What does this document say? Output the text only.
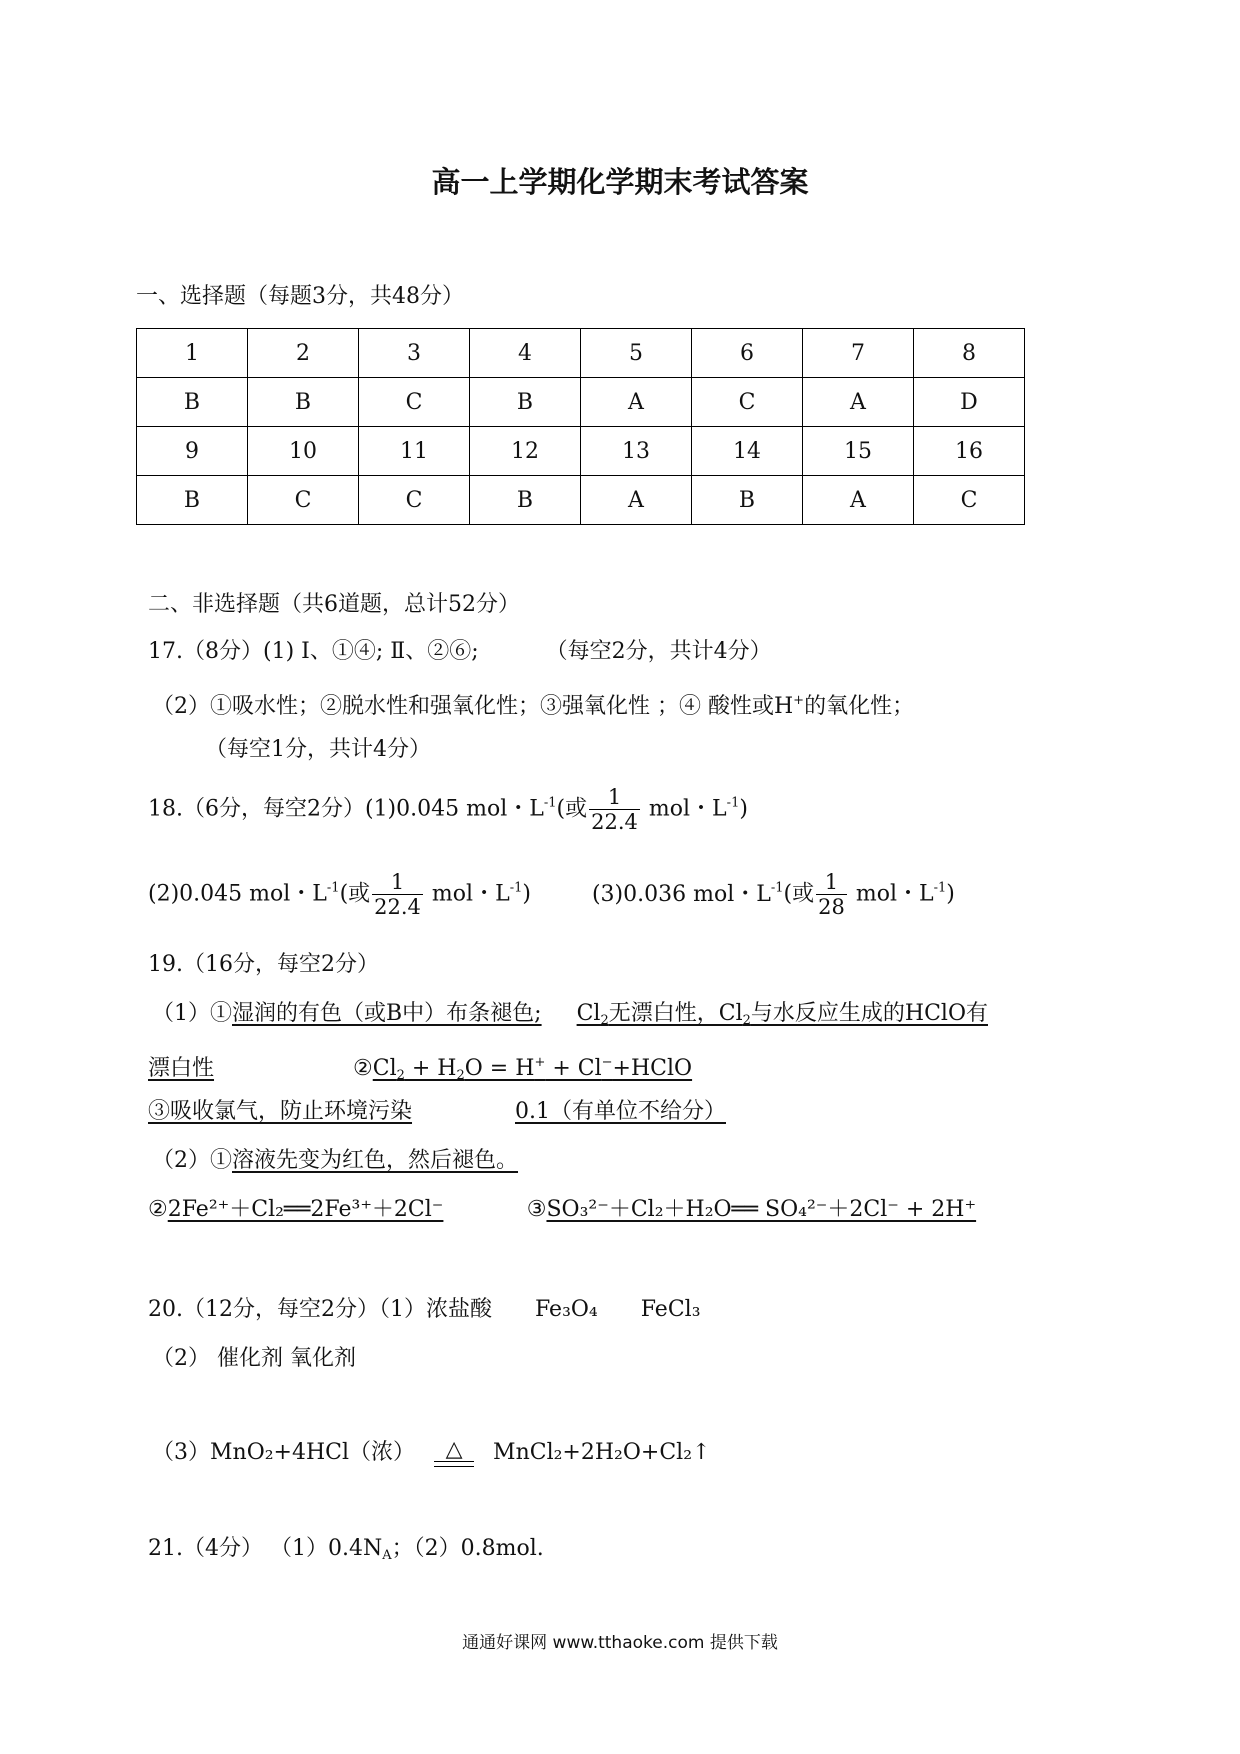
高一上学期化学期末考试答案
一、选择题（每题3分，共48分）
1	2	3	4	5	6	7	8
B	B	C	B	A	C	A	D
9	10	11	12	13	14	15	16
B	C	C	B	A	B	A	C
二、非选择题（共6道题，总计52分）
17.（8分）(1) Ⅰ、①④; Ⅱ、②⑥;	（每空2分，共计4分）
（2）①吸水性；②脱水性和强氧化性；③强氧化性 ；④ 酸性或H+的氧化性；
（每空1分，共计4分）
18.（6分，每空2分）(1)0.045 mol・$L^{-1}$(或 $\frac{1}{22.4}$ mol・$L^{-1}$)
(2)0.045 mol・$L^{-1}$(或 $\frac{1}{22.4}$ mol・$L^{-1}$)	(3)0.036 mol・$L^{-1}$(或 $\frac{1}{28}$ mol・$L^{-1}$)
19.（16分，每空2分）
（1）①湿润的有色（或B中）布条褪色; $Cl_2$无漂白性，$Cl_2$与水反应生成的HClO有
漂白性	$②Cl_2 + H_2O = H^+$ + Cl−+HClO
③吸收氯气，防止环境污染	0.1（有单位不给分）
（2）①溶液先变为红色，然后褪色。
②2Fe²⁺＋Cl₂══2Fe³⁺＋2Cl⁻	③SO₃²⁻＋Cl₂＋H₂O══ SO₄²⁻＋2Cl⁻ + 2H⁺
20.（12分，每空2分）（1）浓盐酸 Fe₃O₄ FeCl₃
（2） 催化剂 氧化剂
（3）MnO₂+4HCl（浓）	△	MnCl₂+2H₂O+Cl₂↑
21.（4分） $(1)0.4N_A$；（2）0.8mol.
通通好课网 www.tthaoke.com 提供下载
